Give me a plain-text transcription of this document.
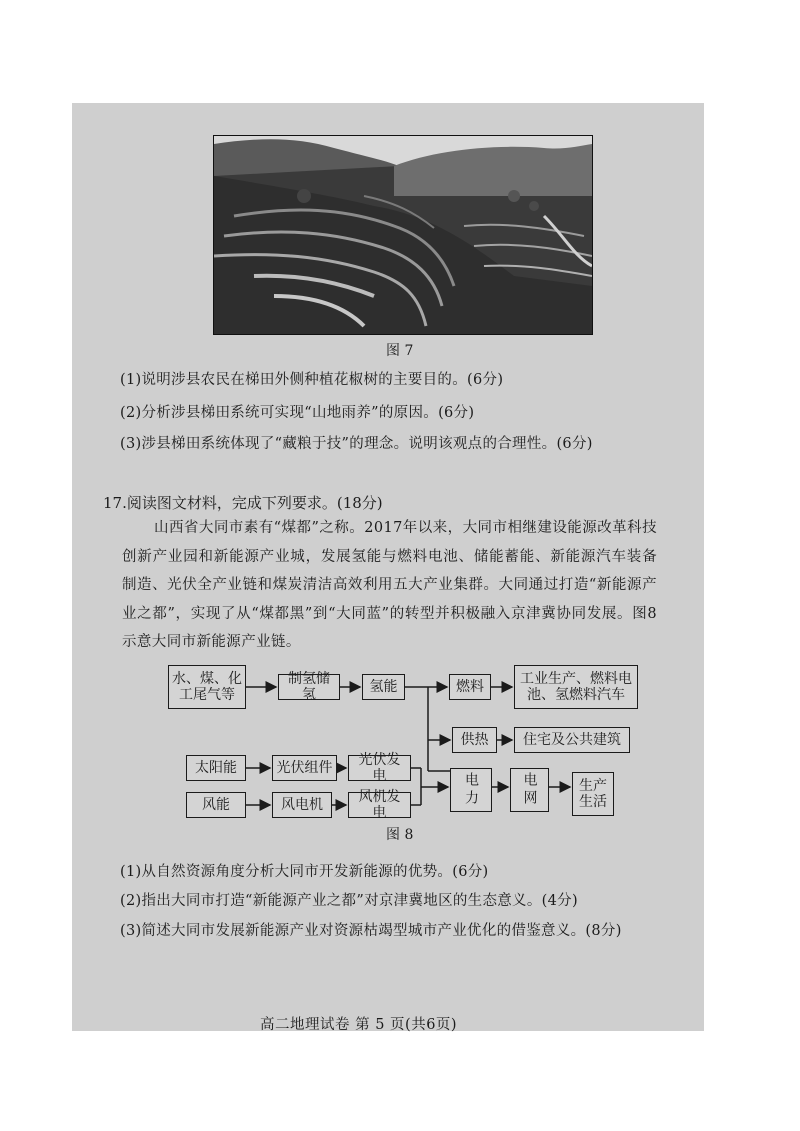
图 7
(1)说明涉县农民在梯田外侧种植花椒树的主要目的。(6分)
(2)分析涉县梯田系统可实现“山地雨养”的原因。(6分)
(3)涉县梯田系统体现了“藏粮于技”的理念。说明该观点的合理性。(6分)
17.阅读图文材料，完成下列要求。(18分)
山西省大同市素有“煤都”之称。2017年以来，大同市相继建设能源改革科技创新产业园和新能源产业城，发展氢能与燃料电池、储能蓄能、新能源汽车装备制造、光伏全产业链和煤炭清洁高效利用五大产业集群。大同通过打造“新能源产业之都”，实现了从“煤都黑”到“大同蓝”的转型并积极融入京津冀协同发展。图8示意大同市新能源产业链。
水、煤、化工尾气等
制氢储氢	氢能	燃料	工业生产、燃料电池、氢燃料汽车
供热	住宅及公共建筑
太阳能	光伏组件	光伏发电
风能	风电机	风机发电
电力	电网	生产生活
图 8
(1)从自然资源角度分析大同市开发新能源的优势。(6分)
(2)指出大同市打造“新能源产业之都”对京津冀地区的生态意义。(4分)
(3)简述大同市发展新能源产业对资源枯竭型城市产业优化的借鉴意义。(8分)
高二地理试卷 第 5 页(共6页)
